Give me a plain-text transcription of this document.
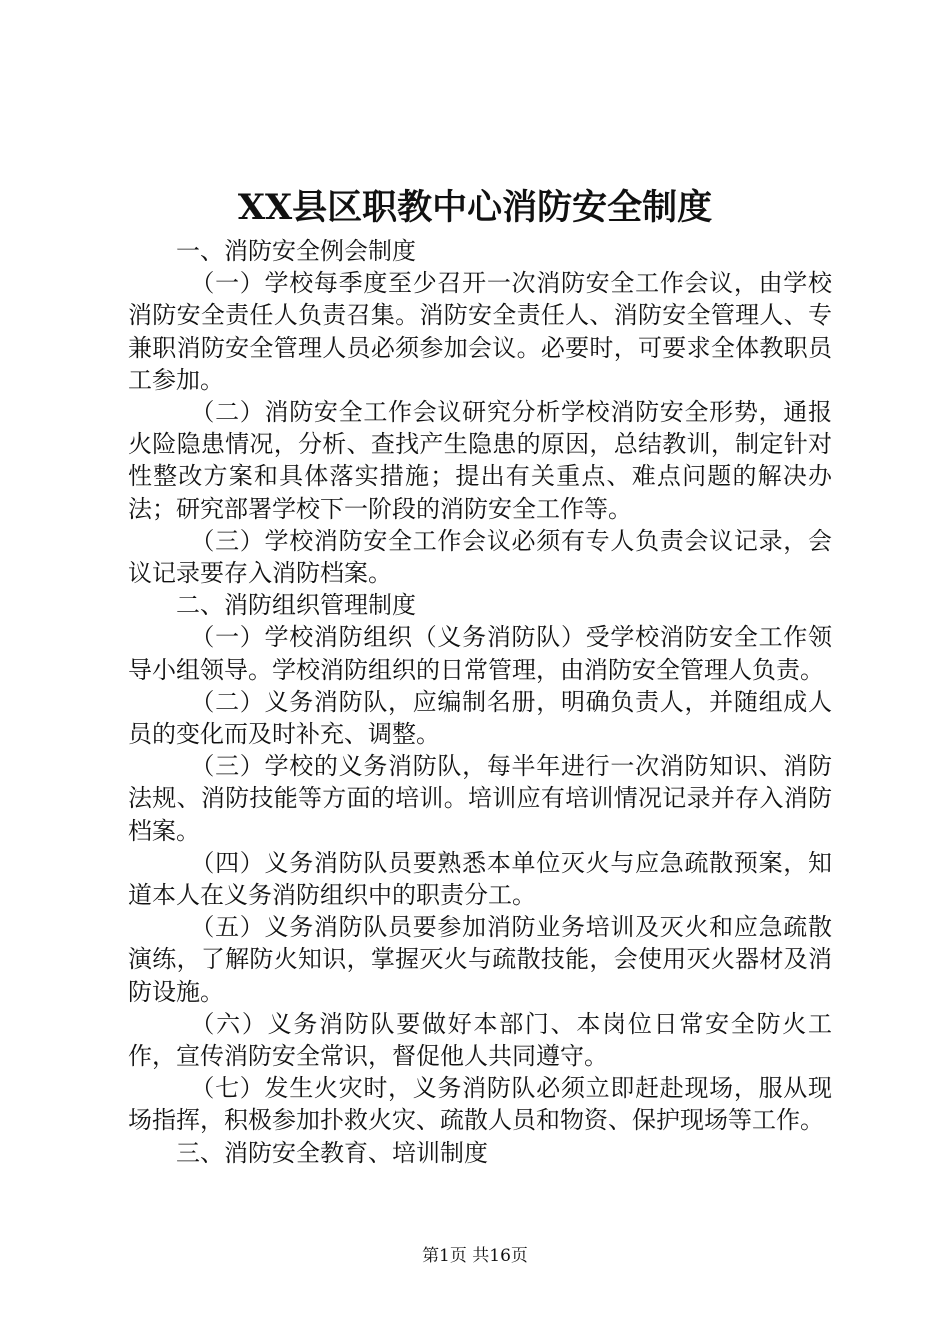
XX县区职教中心消防安全制度

一、消防安全例会制度

（一）学校每季度至少召开一次消防安全工作会议，由学校消防安全责任人负责召集。消防安全责任人、消防安全管理人、专兼职消防安全管理人员必须参加会议。必要时，可要求全体教职员工参加。

（二）消防安全工作会议研究分析学校消防安全形势，通报火险隐患情况，分析、查找产生隐患的原因，总结教训，制定针对性整改方案和具体落实措施；提出有关重点、难点问题的解决办法；研究部署学校下一阶段的消防安全工作等。

（三）学校消防安全工作会议必须有专人负责会议记录，会议记录要存入消防档案。

二、消防组织管理制度

（一）学校消防组织（义务消防队）受学校消防安全工作领导小组领导。学校消防组织的日常管理，由消防安全管理人负责。

（二）义务消防队，应编制名册，明确负责人，并随组成人员的变化而及时补充、调整。

（三）学校的义务消防队，每半年进行一次消防知识、消防法规、消防技能等方面的培训。培训应有培训情况记录并存入消防档案。

（四）义务消防队员要熟悉本单位灭火与应急疏散预案，知道本人在义务消防组织中的职责分工。

（五）义务消防队员要参加消防业务培训及灭火和应急疏散演练，了解防火知识，掌握灭火与疏散技能，会使用灭火器材及消防设施。

（六）义务消防队要做好本部门、本岗位日常安全防火工作，宣传消防安全常识，督促他人共同遵守。

（七）发生火灾时，义务消防队必须立即赶赴现场，服从现场指挥，积极参加扑救火灾、疏散人员和物资、保护现场等工作。

三、消防安全教育、培训制度

第1页 共16页
